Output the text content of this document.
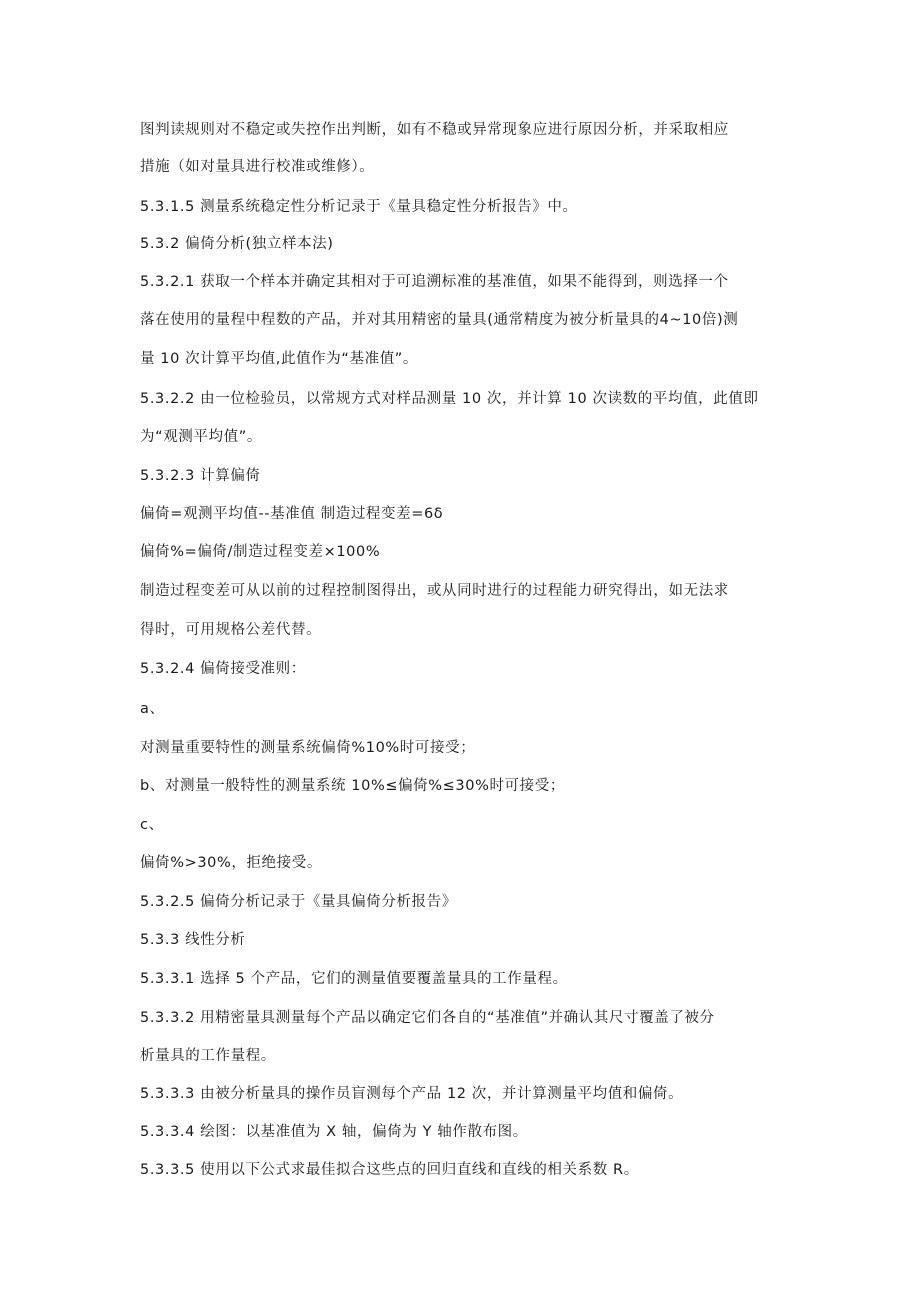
图判读规则对不稳定或失控作出判断，如有不稳或异常现象应进行原因分析，并采取相应
措施（如对量具进行校准或维修）。
5.3.1.5 测量系统稳定性分析记录于《量具稳定性分析报告》中。
5.3.2 偏倚分析(独立样本法)
5.3.2.1 获取一个样本并确定其相对于可追溯标准的基准值，如果不能得到，则选择一个
落在使用的量程中程数的产品，并对其用精密的量具(通常精度为被分析量具的4~10倍)测
量 10 次计算平均值,此值作为“基准值”。
5.3.2.2 由一位检验员，以常规方式对样品测量 10 次，并计算 10 次读数的平均值，此值即
为“观测平均值”。
5.3.2.3 计算偏倚
偏倚=观测平均值--基准值 制造过程变差=6δ
偏倚%=偏倚/制造过程变差×100%
制造过程变差可从以前的过程控制图得出，或从同时进行的过程能力研究得出，如无法求
得时，可用规格公差代替。
5.3.2.4 偏倚接受准则：
a、
对测量重要特性的测量系统偏倚%10%时可接受；
b、对测量一般特性的测量系统 10%≤偏倚%≤30%时可接受；
c、
偏倚%>30%，拒绝接受。
5.3.2.5 偏倚分析记录于《量具偏倚分析报告》
5.3.3 线性分析
5.3.3.1 选择 5 个产品，它们的测量值要覆盖量具的工作量程。
5.3.3.2 用精密量具测量每个产品以确定它们各自的“基准值”并确认其尺寸覆盖了被分
析量具的工作量程。
5.3.3.3 由被分析量具的操作员盲测每个产品 12 次，并计算测量平均值和偏倚。
5.3.3.4 绘图：以基准值为 X 轴，偏倚为 Y 轴作散布图。
5.3.3.5 使用以下公式求最佳拟合这些点的回归直线和直线的相关系数 R。
